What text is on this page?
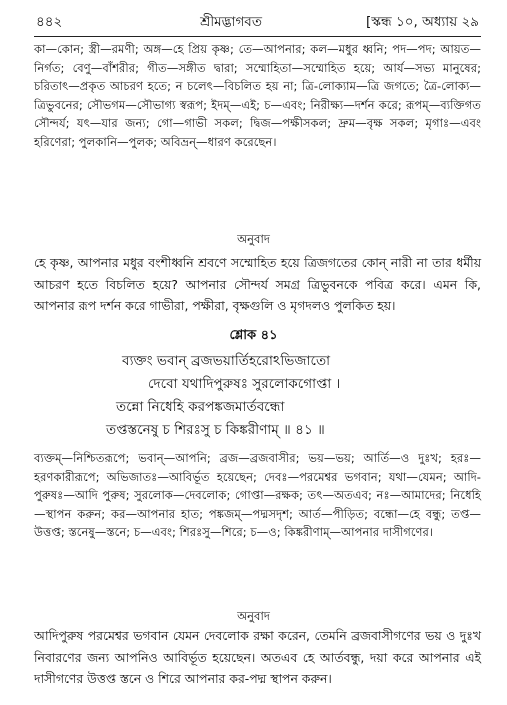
৪৪২	শ্রীমদ্ভাগবত	[স্কন্ধ ১০, অধ্যায় ২৯
কা—কোন; স্ত্রী—রমণী; অঙ্গ—হে প্রিয় কৃষ্ণ; তে—আপনার; কল—মধুর ধ্বনি; পদ—পদ; আয়ত—নির্গত; বেণু—বাঁশরীর; গীত—সঙ্গীত দ্বারা; সম্মোহিতা—সম্মোহিত হয়ে; আর্য—সভ্য মানুষের; চরিতাৎ—প্রকৃত আচরণ হতে; ন চলেৎ—বিচলিত হয় না; ত্রি-লোক্যাম—ত্রি জগতে; ত্রৈ-লোক্য—ত্রিভুবনের; সৌভগম—সৌভাগ্য স্বরূপ; ইদম্—এই; চ—এবং; নিরীক্ষ্য—দর্শন করে; রূপম্—ব্যক্তিগত সৌন্দর্য; যৎ—যার জন্য; গো—গাভী সকল; দ্বিজ—পক্ষীসকল; দ্রুম—বৃক্ষ সকল; মৃগাঃ—এবং হরিণেরা; পুলকানি—পুলক; অবিভ্রন্—ধারণ করেছেন।
অনুবাদ
হে কৃষ্ণ, আপনার মধুর বংশীধ্বনি শ্রবণে সম্মোহিত হয়ে ত্রিজগতের কোন্ নারী না তার ধর্মীয় আচরণ হতে বিচলিত হয়ে? আপনার সৌন্দর্য সমগ্র ত্রিভুবনকে পবিত্র করে। এমন কি, আপনার রূপ দর্শন করে গাভীরা, পক্ষীরা, বৃক্ষগুলি ও মৃগদলও পুলকিত হয়।
শ্লোক ৪১
ব্যক্তং ভবান্ ব্রজভয়ার্তিহরোঽভিজাতো
দেবো যথাদিপুরুষঃ সুরলোকগোপ্তা ।
তন্নো নিধেহি করপঙ্কজমার্তবন্ধো
তপ্তস্তনেষু চ শিরঃসু চ কিঙ্করীণাম্ ॥ ৪১ ॥
ব্যক্তম্—নিশ্চিতরূপে; ভবান্—আপনি; ব্রজ—ব্রজবাসীর; ভয়—ভয়; আর্তি—ও দুঃখ; হরঃ—হরণকারীরূপে; অভিজাতঃ—আবির্ভূত হয়েছেন; দেবঃ—পরমেশ্বর ভগবান; যথা—যেমন; আদি-পুরুষঃ—আদি পুরুষ; সুরলোক—দেবলোক; গোপ্তা—রক্ষক; তৎ—অতএব; নঃ—আমাদের; নিধেহি—স্থাপন করুন; কর—আপনার হাত; পঙ্কজম্—পদ্মসদৃশ; আর্ত—পীড়িত; বন্ধো—হে বন্ধু; তপ্ত—উত্তপ্ত; স্তনেষু—স্তনে; চ—এবং; শিরঃসু—শিরে; চ—ও; কিঙ্করীণাম্—আপনার দাসীগণের।
অনুবাদ
আদিপুরুষ পরমেশ্বর ভগবান যেমন দেবলোক রক্ষা করেন, তেমনি ব্রজবাসীগণের ভয় ও দুঃখ নিবারণের জন্য আপনিও আবির্ভূত হয়েছেন। অতএব হে আর্তবন্ধু, দয়া করে আপনার এই দাসীগণের উত্তপ্ত স্তনে ও শিরে আপনার কর-পদ্ম স্থাপন করুন।
